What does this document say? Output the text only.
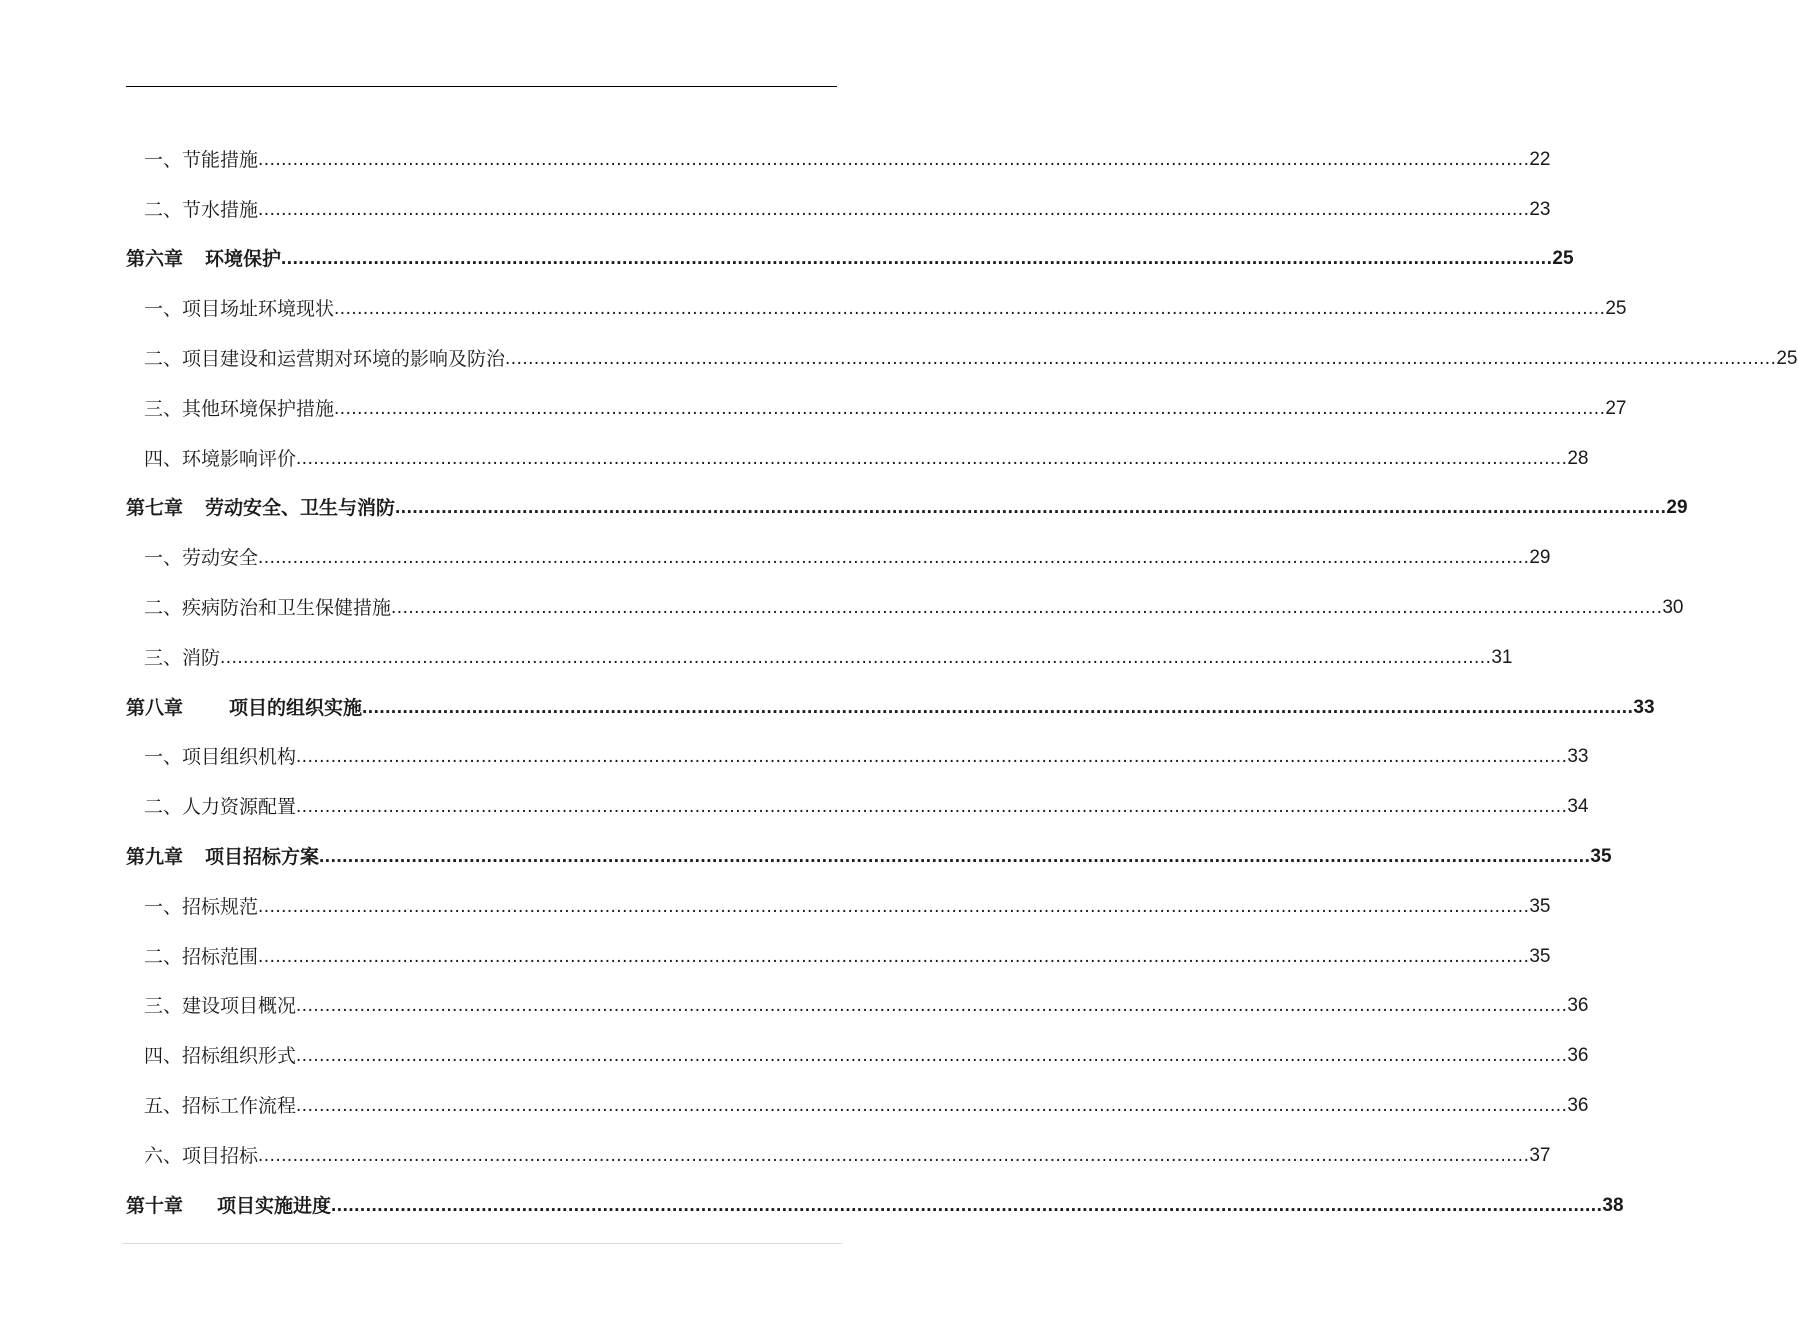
一、节能措施 ............................................................................................................................................................................................................................ 22
二、节水措施 ............................................................................................................................................................................................................................ 23
第六章 环境保护 ............................................................................................................................................................................................................................ 25
一、项目场址环境现状 ............................................................................................................................................................................................................................ 25
二、项目建设和运营期对环境的影响及防治 ............................................................................................................................................................................................................................ 25
三、其他环境保护措施 ............................................................................................................................................................................................................................ 27
四、环境影响评价 ............................................................................................................................................................................................................................ 28
第七章 劳动安全、卫生与消防 ............................................................................................................................................................................................................................ 29
一、劳动安全 ............................................................................................................................................................................................................................ 29
二、疾病防治和卫生保健措施 ............................................................................................................................................................................................................................ 30
三、消防 ............................................................................................................................................................................................................................ 31
第八章 项目的组织实施 ............................................................................................................................................................................................................................ 33
一、项目组织机构 ............................................................................................................................................................................................................................ 33
二、人力资源配置 ............................................................................................................................................................................................................................ 34
第九章 项目招标方案 ............................................................................................................................................................................................................................ 35
一、招标规范 ............................................................................................................................................................................................................................ 35
二、招标范围 ............................................................................................................................................................................................................................ 35
三、建设项目概况 ............................................................................................................................................................................................................................ 36
四、招标组织形式 ............................................................................................................................................................................................................................ 36
五、招标工作流程 ............................................................................................................................................................................................................................ 36
六、项目招标 ............................................................................................................................................................................................................................ 37
第十章 项目实施进度 ............................................................................................................................................................................................................................ 38
